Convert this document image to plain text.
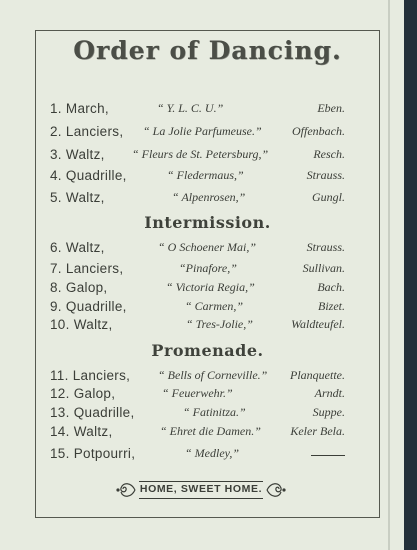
Order of Dancing.
Intermission.
Promenade.
1. March,	“ Y. L. C. U.”	Eben.
2. Lanciers, “ La Jolie Parfumeuse.”	Offenbach.
3. Waltz, “ Fleurs de St. Petersburg,”	Resch.
4. Quadrille,	“ Fledermaus,”	Strauss.
5. Waltz,	“ Alpenrosen,”	Gungl.
6. Waltz,	“ O Schoener Mai,”	Strauss.
7. Lanciers,	“Pinafore,”	Sullivan.
8. Galop,	“ Victoria Regia,”	Bach.
9. Quadrille,	“ Carmen,”	Bizet.
10. Waltz,	“ Tres-Jolie,”	Waldteufel.
11. Lanciers, “ Bells of Corneville.” Planquette.
12. Galop,	“ Feuerwehr.”	Arndt.
13. Quadrille,	“ Fatinitza.”	Suppe.
14. Waltz,	“ Ehret die Damen.” Keler Bela.
15. Potpourri,	“ Medley,”
HOME, SWEET HOME.
